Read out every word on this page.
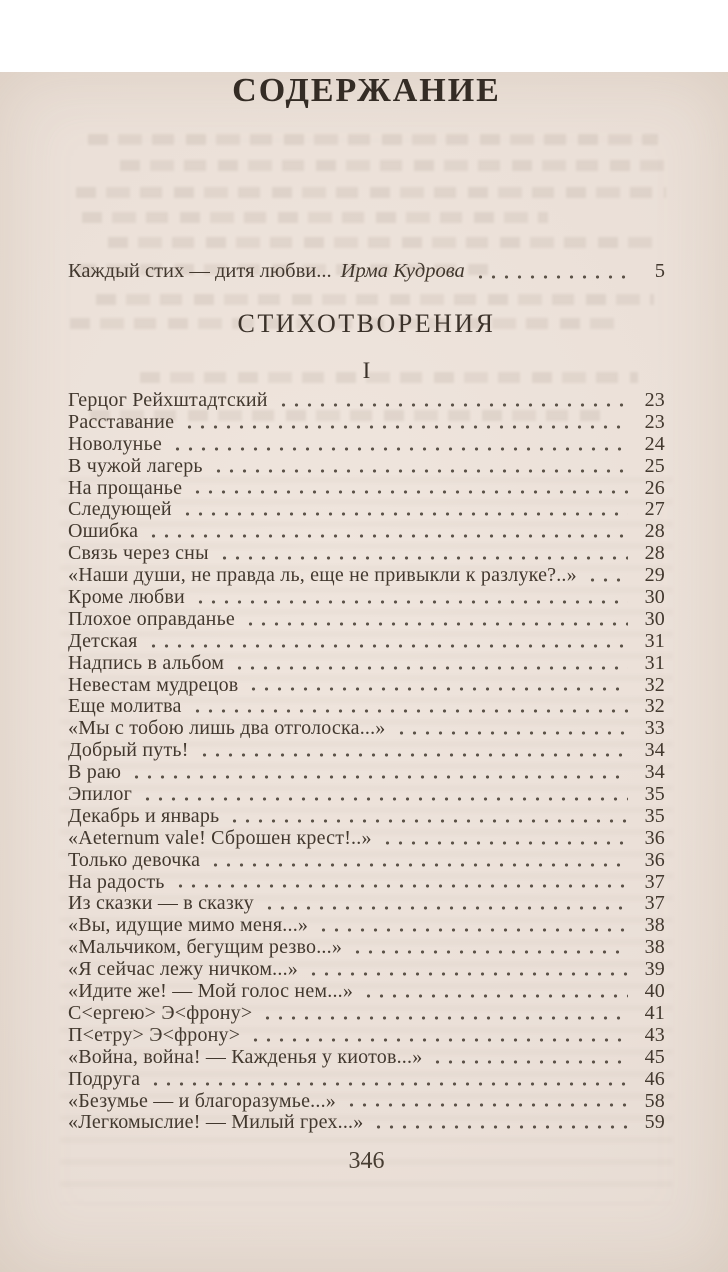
СОДЕРЖАНИЕ
Каждый стих — дитя любви... Ирма Кудрова	5
СТИХОТВОРЕНИЯ
I
Герцог Рейхштадтский	23
Расставание	23
Новолунье	24
В чужой лагерь	25
На прощанье	26
Следующей	27
Ошибка	28
Связь через сны	28
«Наши души, не правда ль, еще не привыкли к разлуке?..»	29
Кроме любви	30
Плохое оправданье	30
Детская	31
Надпись в альбом	31
Невестам мудрецов	32
Еще молитва	32
«Мы с тобою лишь два отголоска...»	33
Добрый путь!	34
В раю	34
Эпилог	35
Декабрь и январь	35
«Aeternum vale! Сброшен крест!..»	36
Только девочка	36
На радость	37
Из сказки — в сказку	37
«Вы, идущие мимо меня...»	38
«Мальчиком, бегущим резво...»	38
«Я сейчас лежу ничком...»	39
«Идите же! — Мой голос нем...»	40
С<ергею> Э<фрону>	41
П<етру> Э<фрону>	43
«Война, война! — Кажденья у киотов...»	45
Подруга	46
«Безумье — и благоразумье...»	58
«Легкомыслие! — Милый грех...»	59
346
